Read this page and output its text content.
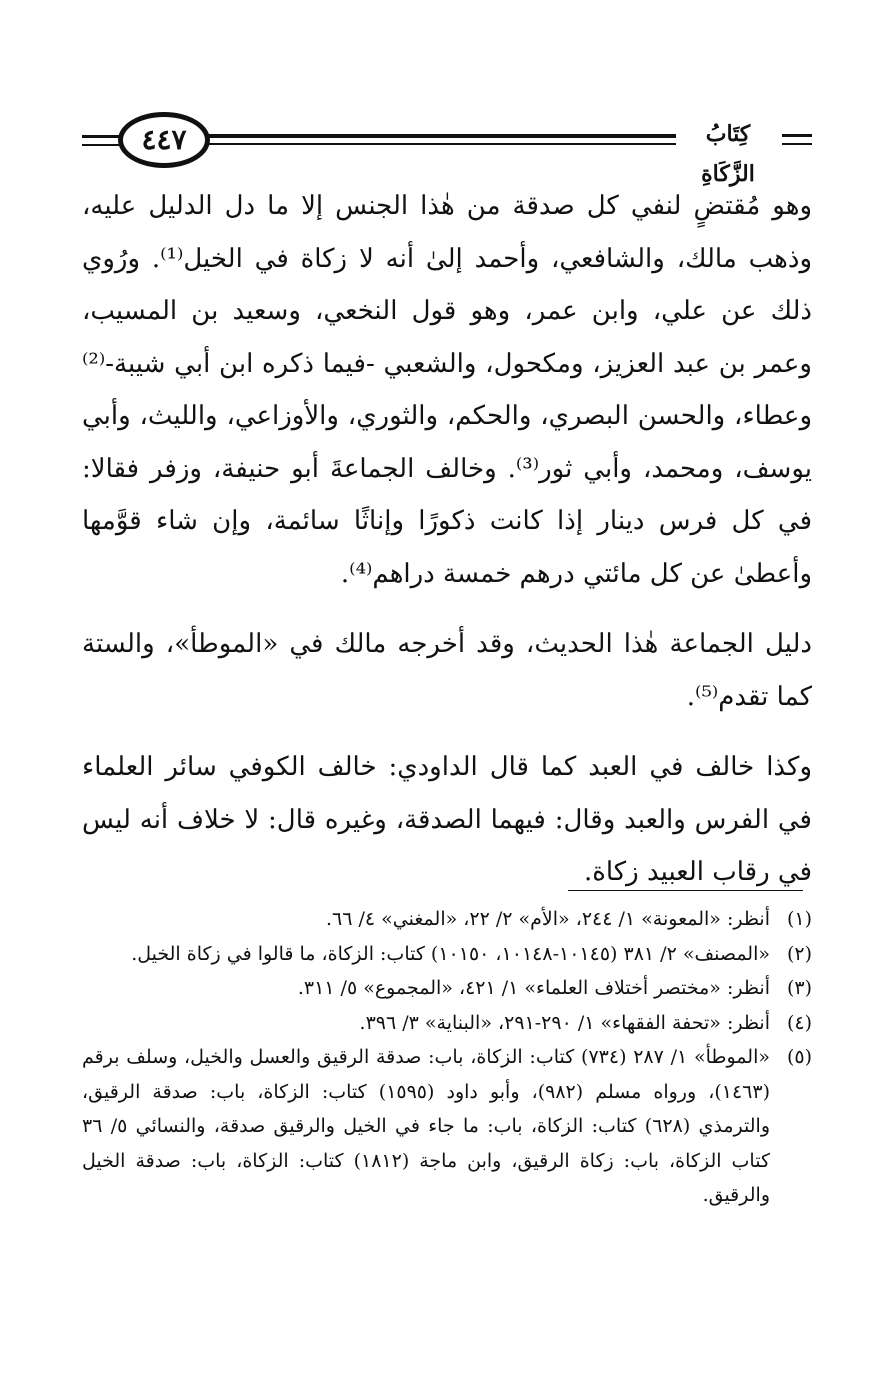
٤٤٧	كِتَابُ الزَّكَاةِ

وهو مُقتضٍ لنفي كل صدقة من هٰذا الجنس إلا ما دل الدليل عليه، وذهب مالك، والشافعي، وأحمد إلىٰ أنه لا زكاة في الخيل⁽¹⁾. ورُوي ذلك عن علي، وابن عمر، وهو قول النخعي، وسعيد بن المسيب، وعمر بن عبد العزيز، ومكحول، والشعبي -فيما ذكره ابن أبي شيبة-⁽²⁾ وعطاء، والحسن البصري، والحكم، والثوري، والأوزاعي، والليث، وأبي يوسف، ومحمد، وأبي ثور⁽³⁾. وخالف الجماعةَ أبو حنيفة، وزفر فقالا: في كل فرس دينار إذا كانت ذكورًا وإناثًا سائمة، وإن شاء قوَّمها وأعطىٰ عن كل مائتي درهم خمسة دراهم⁽⁴⁾.

دليل الجماعة هٰذا الحديث، وقد أخرجه مالك في «الموطأ»، والستة كما تقدم⁽⁵⁾.

وكذا خالف في العبد كما قال الداودي: خالف الكوفي سائر العلماء في الفرس والعبد وقال: فيهما الصدقة، وغيره قال: لا خلاف أنه ليس في رقاب العبيد زكاة.

(١)
أنظر: «المعونة» ١/ ٢٤٤، «الأم» ٢/ ٢٢، «المغني» ٤/ ٦٦.
(٢)
«المصنف» ٢/ ٣٨١ (١٠١٤٥-١٠١٤٨، ١٠١٥٠) كتاب: الزكاة، ما قالوا في زكاة الخيل.
(٣)
أنظر: «مختصر أختلاف العلماء» ١/ ٤٢١، «المجموع» ٥/ ٣١١.
(٤)
أنظر: «تحفة الفقهاء» ١/ ٢٩٠-٢٩١، «البناية» ٣/ ٣٩٦.
(٥)
«الموطأ» ١/ ٢٨٧ (٧٣٤) كتاب: الزكاة، باب: صدقة الرقيق والعسل والخيل، وسلف برقم (١٤٦٣)، ورواه مسلم (٩٨٢)، وأبو داود (١٥٩٥) كتاب: الزكاة، باب: صدقة الرقيق، والترمذي (٦٢٨) كتاب: الزكاة، باب: ما جاء في الخيل والرقيق صدقة، والنسائي ٥/ ٣٦ كتاب الزكاة، باب: زكاة الرقيق، وابن ماجة (١٨١٢) كتاب: الزكاة، باب: صدقة الخيل والرقيق.
